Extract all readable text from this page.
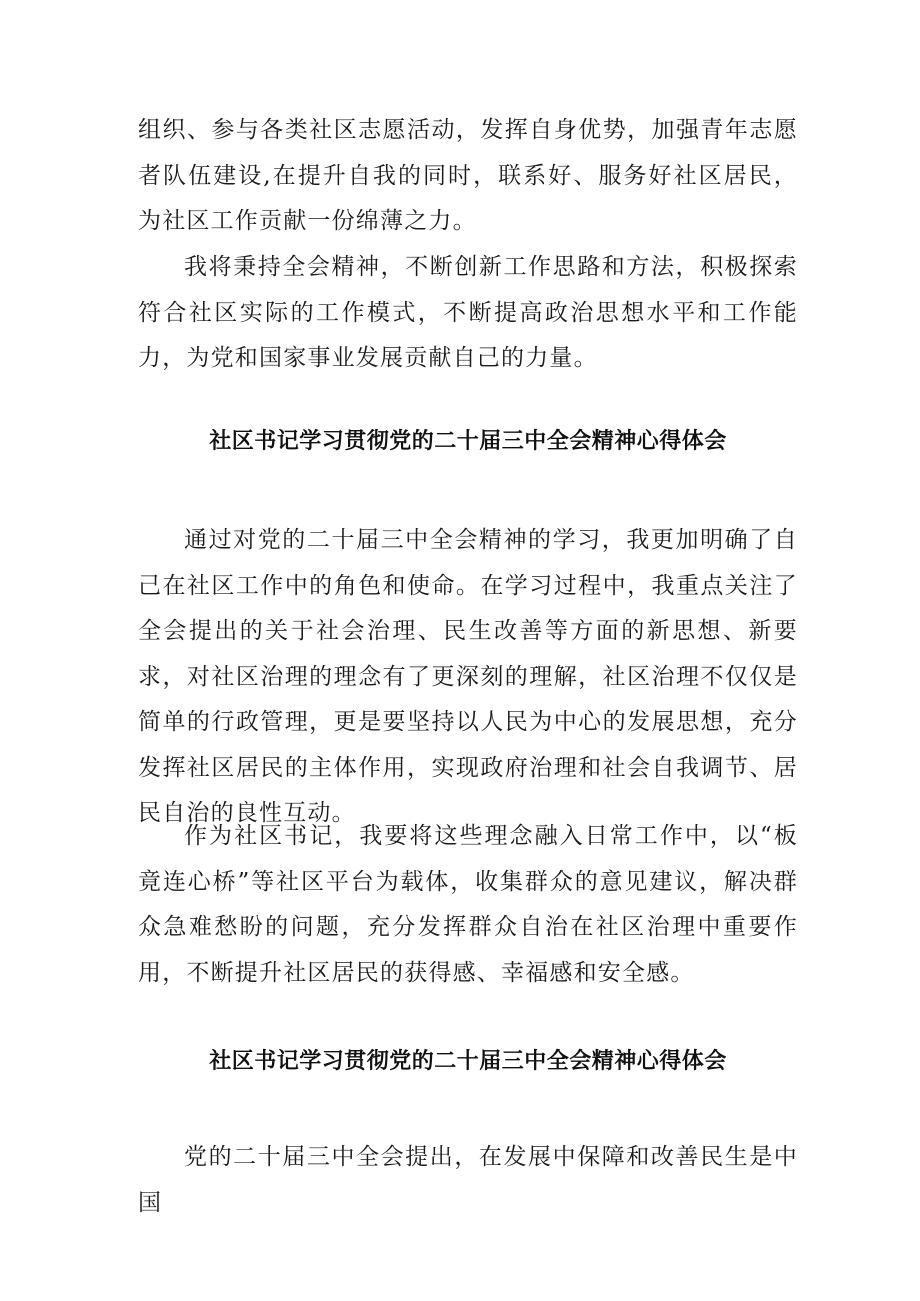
组织、参与各类社区志愿活动，发挥自身优势，加强青年志愿者队伍建设,在提升自我的同时，联系好、服务好社区居民，为社区工作贡献一份绵薄之力。

我将秉持全会精神，不断创新工作思路和方法，积极探索符合社区实际的工作模式，不断提高政治思想水平和工作能力，为党和国家事业发展贡献自己的力量。

社区书记学习贯彻党的二十届三中全会精神心得体会

通过对党的二十届三中全会精神的学习，我更加明确了自己在社区工作中的角色和使命。在学习过程中，我重点关注了全会提出的关于社会治理、民生改善等方面的新思想、新要求，对社区治理的理念有了更深刻的理解，社区治理不仅仅是简单的行政管理，更是要坚持以人民为中心的发展思想，充分发挥社区居民的主体作用，实现政府治理和社会自我调节、居民自治的良性互动。

作为社区书记，我要将这些理念融入日常工作中，以“板竟连心桥”等社区平台为载体，收集群众的意见建议，解决群众急难愁盼的问题，充分发挥群众自治在社区治理中重要作用，不断提升社区居民的获得感、幸福感和安全感。

社区书记学习贯彻党的二十届三中全会精神心得体会

党的二十届三中全会提出，在发展中保障和改善民生是中国
